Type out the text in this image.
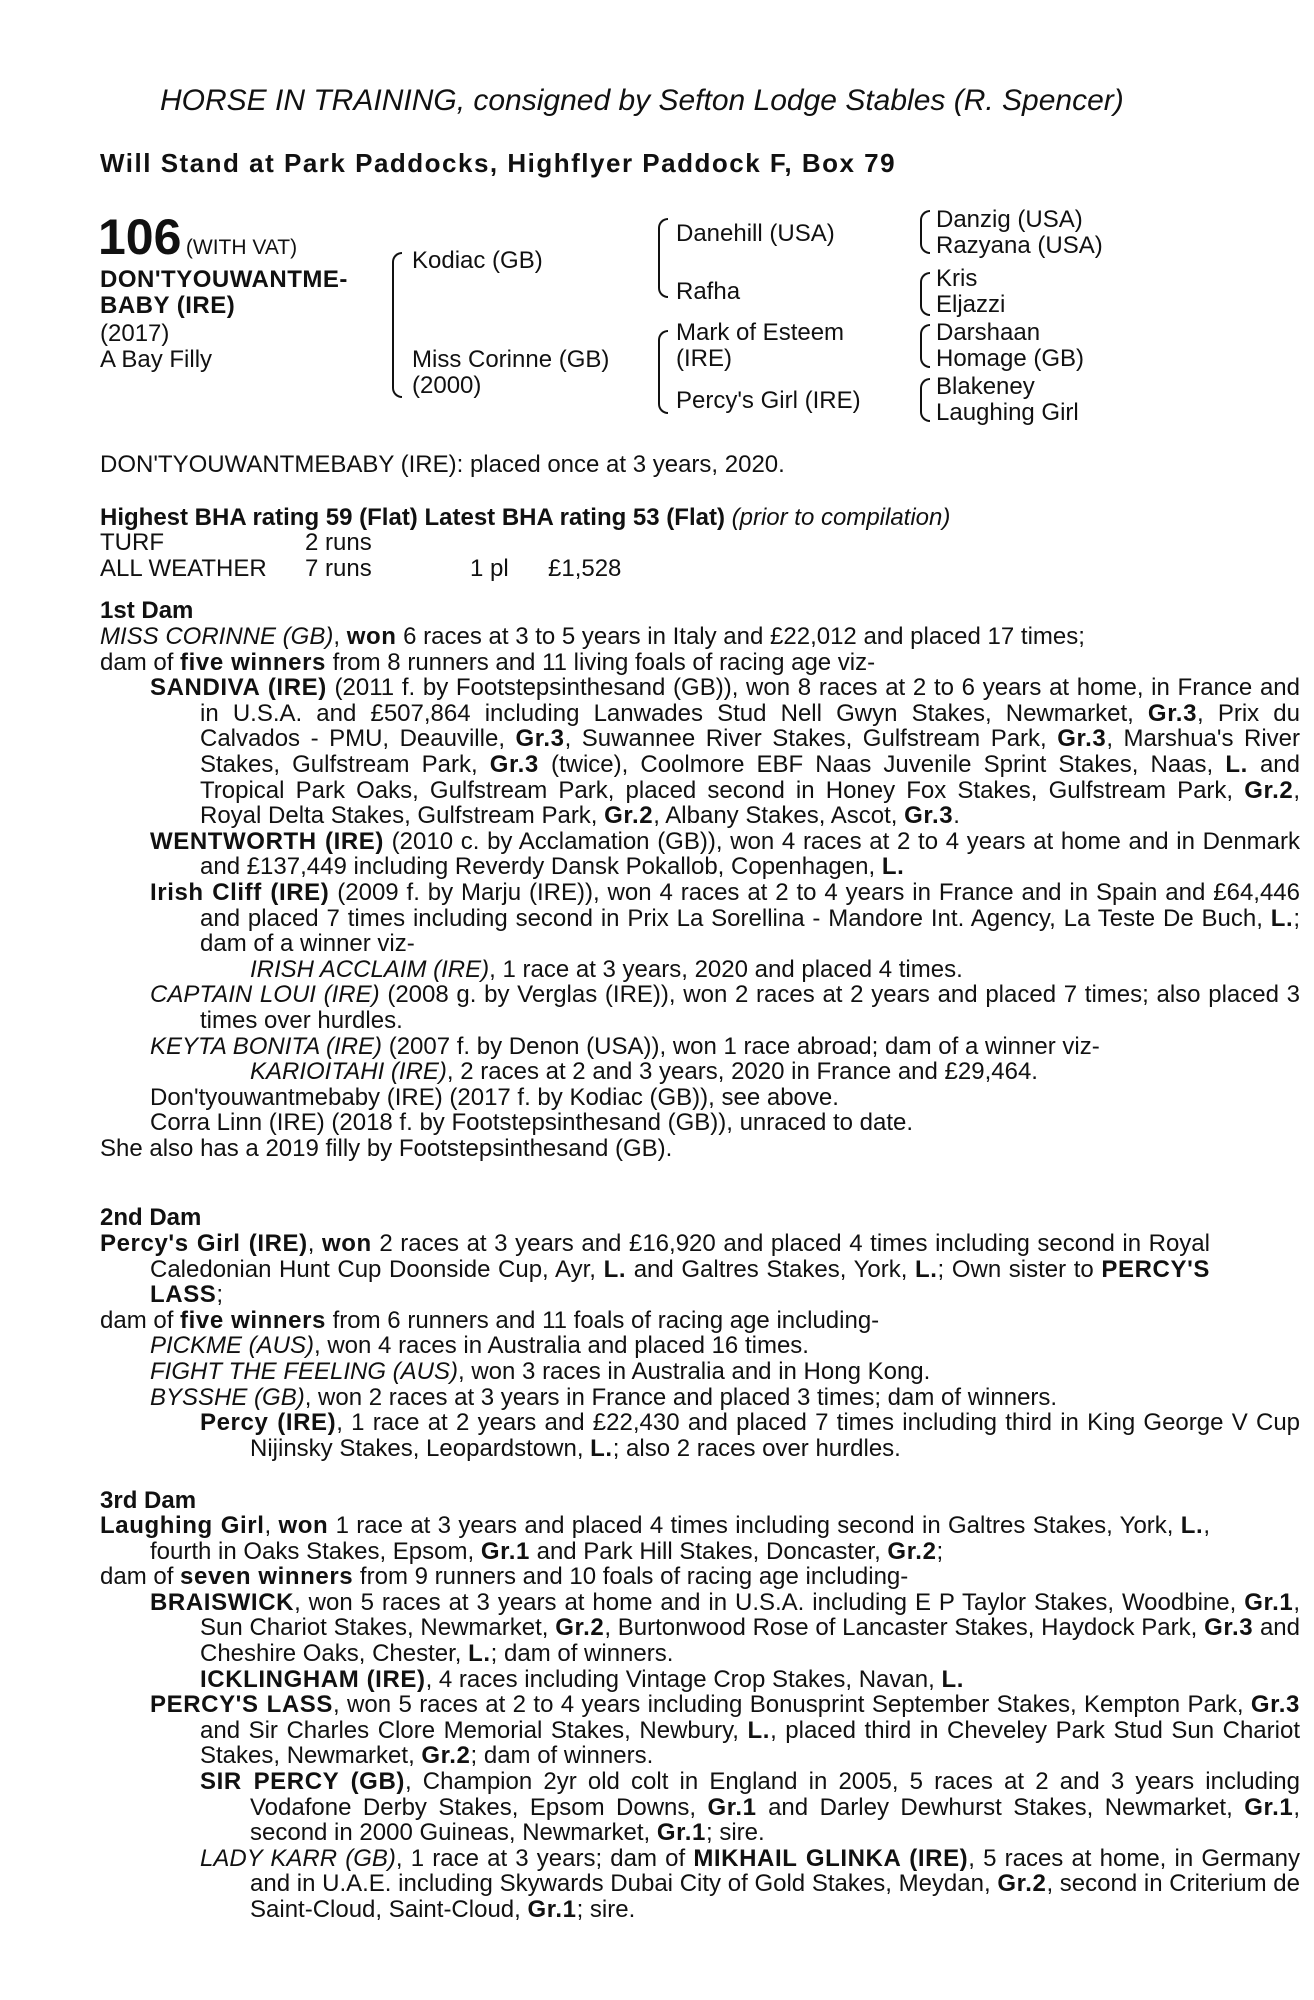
HORSE IN TRAINING, consigned by Sefton Lodge Stables (R. Spencer)
Will Stand at Park Paddocks, Highflyer Paddock F, Box 79
106 (WITH VAT)
DON'TYOUWANTME-
BABY (IRE)
(2017)
A Bay Filly
Kodiac (GB)
Miss Corinne (GB)
(2000)
Danehill (USA)
Rafha
Mark of Esteem
(IRE)
Percy's Girl (IRE)
Danzig (USA)
Razyana (USA)
Kris
Eljazzi
Darshaan
Homage (GB)
Blakeney
Laughing Girl
DON'TYOUWANTMEBABY (IRE): placed once at 3 years, 2020.
Highest BHA rating 59 (Flat) Latest BHA rating 53 (Flat) (prior to compilation)
TURF	2 runs
ALL WEATHER 7 runs	1 pl £1,528
1st Dam
MISS CORINNE (GB), won 6 races at 3 to 5 years in Italy and £22,012 and placed 17 times;
dam of five winners from 8 runners and 11 living foals of racing age viz-
SANDIVA (IRE) (2011 f. by Footstepsinthesand (GB)), won 8 races at 2 to 6 years at home, in France and in U.S.A. and £507,864 including Lanwades Stud Nell Gwyn Stakes, Newmarket, Gr.3, Prix du Calvados - PMU, Deauville, Gr.3, Suwannee River Stakes, Gulfstream Park, Gr.3, Marshua's River Stakes, Gulfstream Park, Gr.3 (twice), Coolmore EBF Naas Juvenile Sprint Stakes, Naas, L. and Tropical Park Oaks, Gulfstream Park, placed second in Honey Fox Stakes, Gulfstream Park, Gr.2, Royal Delta Stakes, Gulfstream Park, Gr.2, Albany Stakes, Ascot, Gr.3.
WENTWORTH (IRE) (2010 c. by Acclamation (GB)), won 4 races at 2 to 4 years at home and in Denmark and £137,449 including Reverdy Dansk Pokallob, Copenhagen, L.
Irish Cliff (IRE) (2009 f. by Marju (IRE)), won 4 races at 2 to 4 years in France and in Spain and £64,446 and placed 7 times including second in Prix La Sorellina - Mandore Int. Agency, La Teste De Buch, L.; dam of a winner viz-
IRISH ACCLAIM (IRE), 1 race at 3 years, 2020 and placed 4 times.
CAPTAIN LOUI (IRE) (2008 g. by Verglas (IRE)), won 2 races at 2 years and placed 7 times; also placed 3 times over hurdles.
KEYTA BONITA (IRE) (2007 f. by Denon (USA)), won 1 race abroad; dam of a winner viz-
KARIOITAHI (IRE), 2 races at 2 and 3 years, 2020 in France and £29,464.
Don'tyouwantmebaby (IRE) (2017 f. by Kodiac (GB)), see above.
Corra Linn (IRE) (2018 f. by Footstepsinthesand (GB)), unraced to date.
She also has a 2019 filly by Footstepsinthesand (GB).
2nd Dam
Percy's Girl (IRE), won 2 races at 3 years and £16,920 and placed 4 times including second in Royal Caledonian Hunt Cup Doonside Cup, Ayr, L. and Galtres Stakes, York, L.; Own sister to PERCY'S LASS;
dam of five winners from 6 runners and 11 foals of racing age including-
PICKME (AUS), won 4 races in Australia and placed 16 times.
FIGHT THE FEELING (AUS), won 3 races in Australia and in Hong Kong.
BYSSHE (GB), won 2 races at 3 years in France and placed 3 times; dam of winners.
Percy (IRE), 1 race at 2 years and £22,430 and placed 7 times including third in King George V Cup Nijinsky Stakes, Leopardstown, L.; also 2 races over hurdles.
3rd Dam
Laughing Girl, won 1 race at 3 years and placed 4 times including second in Galtres Stakes, York, L., fourth in Oaks Stakes, Epsom, Gr.1 and Park Hill Stakes, Doncaster, Gr.2;
dam of seven winners from 9 runners and 10 foals of racing age including-
BRAISWICK, won 5 races at 3 years at home and in U.S.A. including E P Taylor Stakes, Woodbine, Gr.1, Sun Chariot Stakes, Newmarket, Gr.2, Burtonwood Rose of Lancaster Stakes, Haydock Park, Gr.3 and Cheshire Oaks, Chester, L.; dam of winners.
ICKLINGHAM (IRE), 4 races including Vintage Crop Stakes, Navan, L.
PERCY'S LASS, won 5 races at 2 to 4 years including Bonusprint September Stakes, Kempton Park, Gr.3 and Sir Charles Clore Memorial Stakes, Newbury, L., placed third in Cheveley Park Stud Sun Chariot Stakes, Newmarket, Gr.2; dam of winners.
SIR PERCY (GB), Champion 2yr old colt in England in 2005, 5 races at 2 and 3 years including Vodafone Derby Stakes, Epsom Downs, Gr.1 and Darley Dewhurst Stakes, Newmarket, Gr.1, second in 2000 Guineas, Newmarket, Gr.1; sire.
LADY KARR (GB), 1 race at 3 years; dam of MIKHAIL GLINKA (IRE), 5 races at home, in Germany and in U.A.E. including Skywards Dubai City of Gold Stakes, Meydan, Gr.2, second in Criterium de Saint-Cloud, Saint-Cloud, Gr.1; sire.
